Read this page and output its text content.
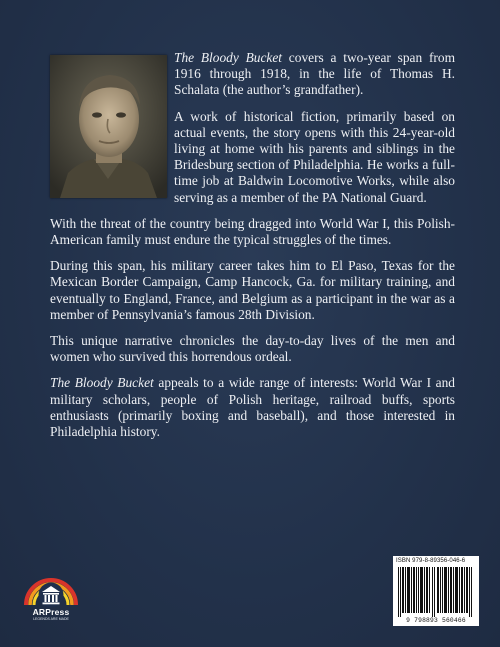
The Bloody Bucket covers a two-year span from 1916 through 1918, in the life of Thomas H. Schalata (the author’s grandfather).

A work of historical fiction, primarily based on actual events, the story opens with this 24-year-old living at home with his parents and siblings in the Bridesburg section of Philadelphia. He works a full-time job at Baldwin Locomotive Works, while also serving as a member of the PA National Guard.

With the threat of the country being dragged into World War I, this Polish-American family must endure the typical struggles of the times.

During this span, his military career takes him to El Paso, Texas for the Mexican Border Campaign, Camp Hancock, Ga. for military training, and eventually to England, France, and Belgium as a participant in the war as a member of Pennsylvania’s famous 28th Division.

This unique narrative chronicles the day-to-day lives of the men and women who survived this horrendous ordeal.

The Bloody Bucket appeals to a wide range of interests: World War I and military scholars, people of Polish heritage, railroad buffs, sports enthusiasts (primarily boxing and baseball), and those interested in Philadelphia history.

ARPress
LEGENDS ARE MADE
ISBN 979-8-89356-046-6
9 798893 560466
